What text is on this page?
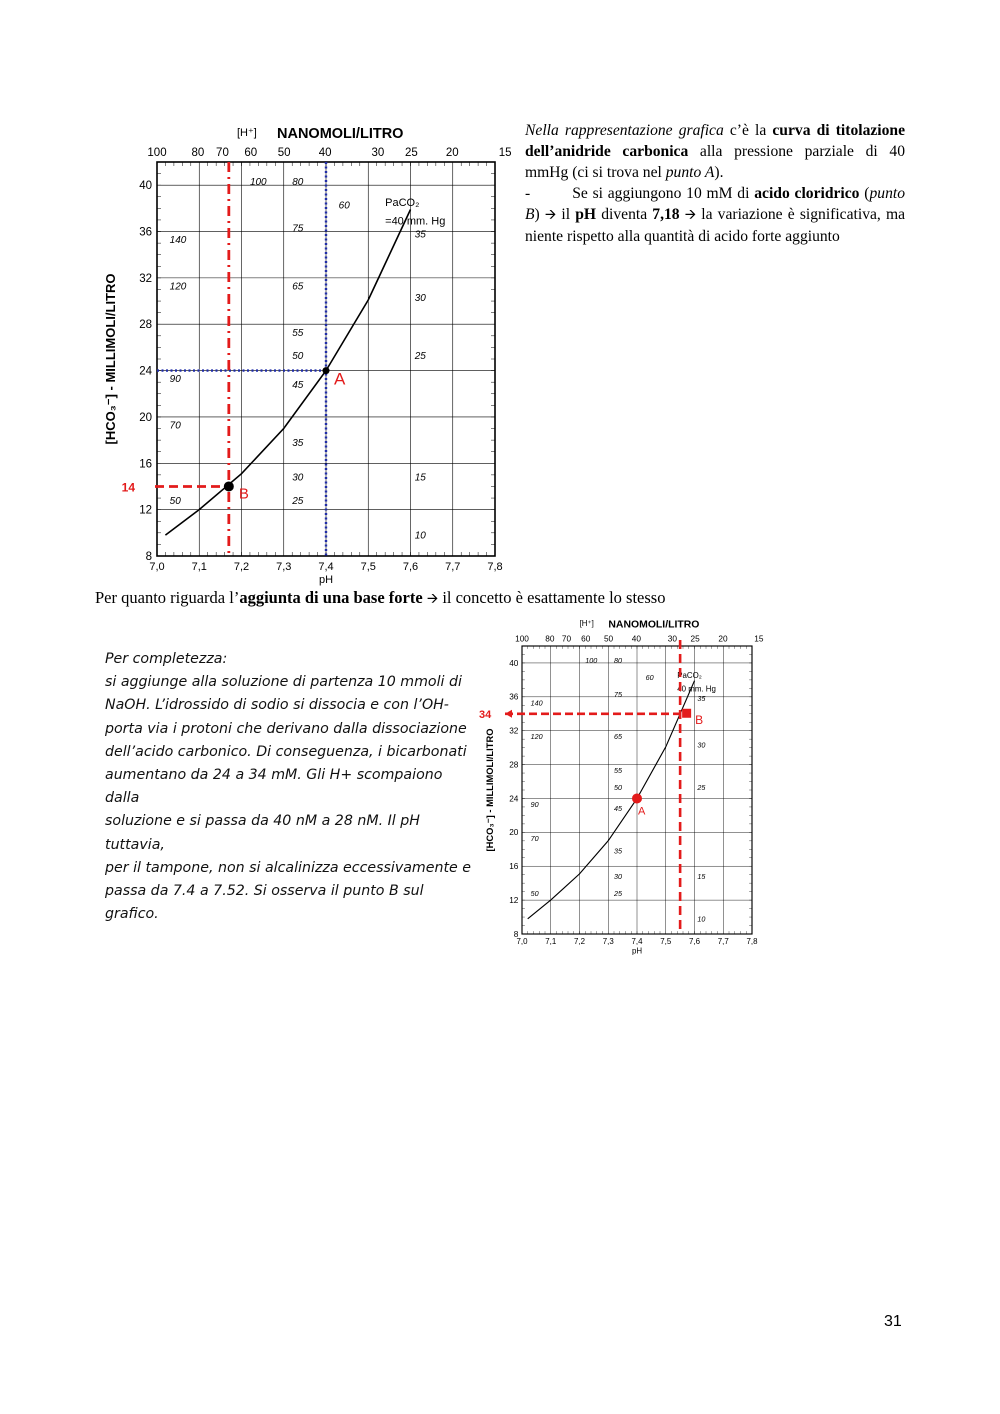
7,0 7,1 7,2 7,3 7,4 7,5 7,6 7,7 7,8
8
12
16
20
24
28
32
36
40
[H⁺] NANOMOLI/LITRO
100 80 70 60 50 40	30 25 20	15
pH
[HCO₃⁻] - MILLIMOLI/LITRO
140
120
90
70
50
100	80
75
65
55
50
45
35
30
25
60
35
30
25
15
10
PaCO₂
=40 mm. Hg
A
B
14

Nella rappresentazione grafica c’è la curva di titolazione dell’anidride carbonica alla pressione parziale di 40 mmHg (ci si trova nel punto A).

-	Se si aggiungono 10 mM di acido cloridrico (punto B) 🡪 il pH diventa 7,18 🡪 la variazione è significativa, ma niente rispetto alla quantità di acido forte aggiunto

Per quanto riguarda l’aggiunta di una base forte 🡪 il concetto è esattamente lo stesso

Per completezza:

si aggiunge alla soluzione di partenza 10 mmoli di

NaOH. L’idrossido di sodio si dissocia e con l’OH-

porta via i protoni che derivano dalla dissociazione

dell’acido carbonico. Di conseguenza, i bicarbonati

aumentano da 24 a 34 mM. Gli H+ scompaiono dalla

soluzione e si passa da 40 nM a 28 nM. Il pH tuttavia,

per il tampone, non si alcalinizza eccessivamente e

passa da 7.4 a 7.52. Si osserva il punto B sul grafico.

7,0 7,1 7,2 7,3 7,4 7,5 7,6 7,7 7,8
8
12
16
20
24
28
32
36
40
[H⁺] NANOMOLI/LITRO
100 80 70 60 50 40	30 25 20	15
pH
[HCO₃⁻] - MILLIMOLI/LITRO
140
120
90
70
50
100 80
75
65
55
50
45
35
30
25
60
35
30
25
15
10
PaCO₂
40 mm. Hg
A
B
34
31
